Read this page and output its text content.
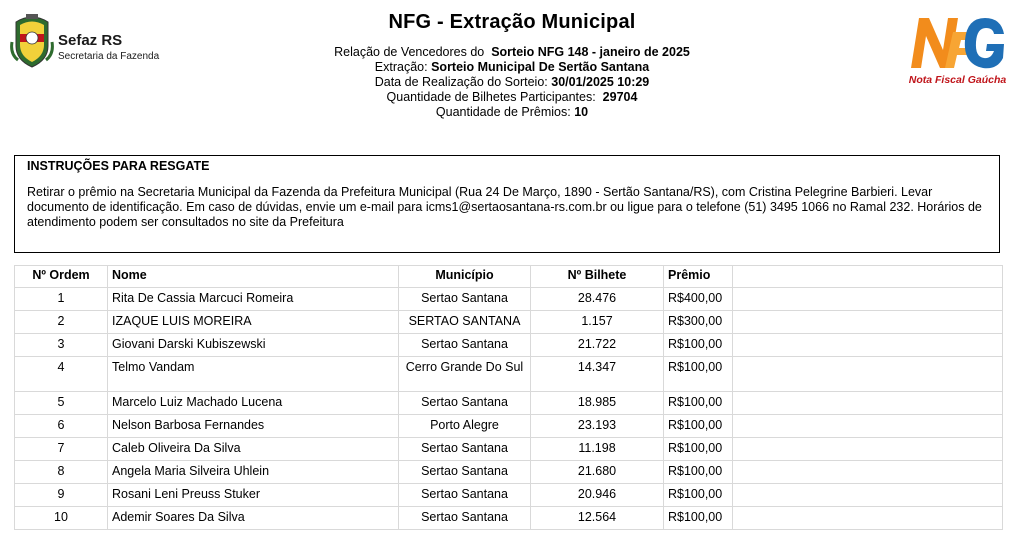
Sefaz RS
Secretaria da Fazenda
NFG - Extração Municipal
Relação de Vencedores do Sorteio NFG 148 - janeiro de 2025
Extração: Sorteio Municipal De Sertão Santana
Data de Realização do Sorteio: 30/01/2025 10:29
Quantidade de Bilhetes Participantes: 29704
Quantidade de Prêmios: 10
Nota Fiscal Gaúcha
INSTRUÇÕES PARA RESGATE

Retirar o prêmio na Secretaria Municipal da Fazenda da Prefeitura Municipal (Rua 24 De Março, 1890 - Sertão Santana/RS), com Cristina Pelegrine Barbieri. Levar documento de identificação. Em caso de dúvidas, envie um e-mail para icms1@sertaosantana-rs.com.br ou ligue para o telefone (51) 3495 1066 no Ramal 232. Horários de atendimento podem ser consultados no site da Prefeitura

Nº Ordem	Nome	Município	Nº Bilhete	Prêmio	
1	Rita De Cassia Marcuci Romeira	Sertao Santana	28.476	R$400,00	
2	IZAQUE LUIS MOREIRA	SERTAO SANTANA	1.157	R$300,00	
3	Giovani Darski Kubiszewski	Sertao Santana	21.722	R$100,00	
4	Telmo Vandam	Cerro Grande Do Sul	14.347	R$100,00	
5	Marcelo Luiz Machado Lucena	Sertao Santana	18.985	R$100,00	
6	Nelson Barbosa Fernandes	Porto Alegre	23.193	R$100,00	
7	Caleb Oliveira Da Silva	Sertao Santana	11.198	R$100,00	
8	Angela Maria Silveira Uhlein	Sertao Santana	21.680	R$100,00	
9	Rosani Leni Preuss Stuker	Sertao Santana	20.946	R$100,00	
10	Ademir Soares Da Silva	Sertao Santana	12.564	R$100,00	
